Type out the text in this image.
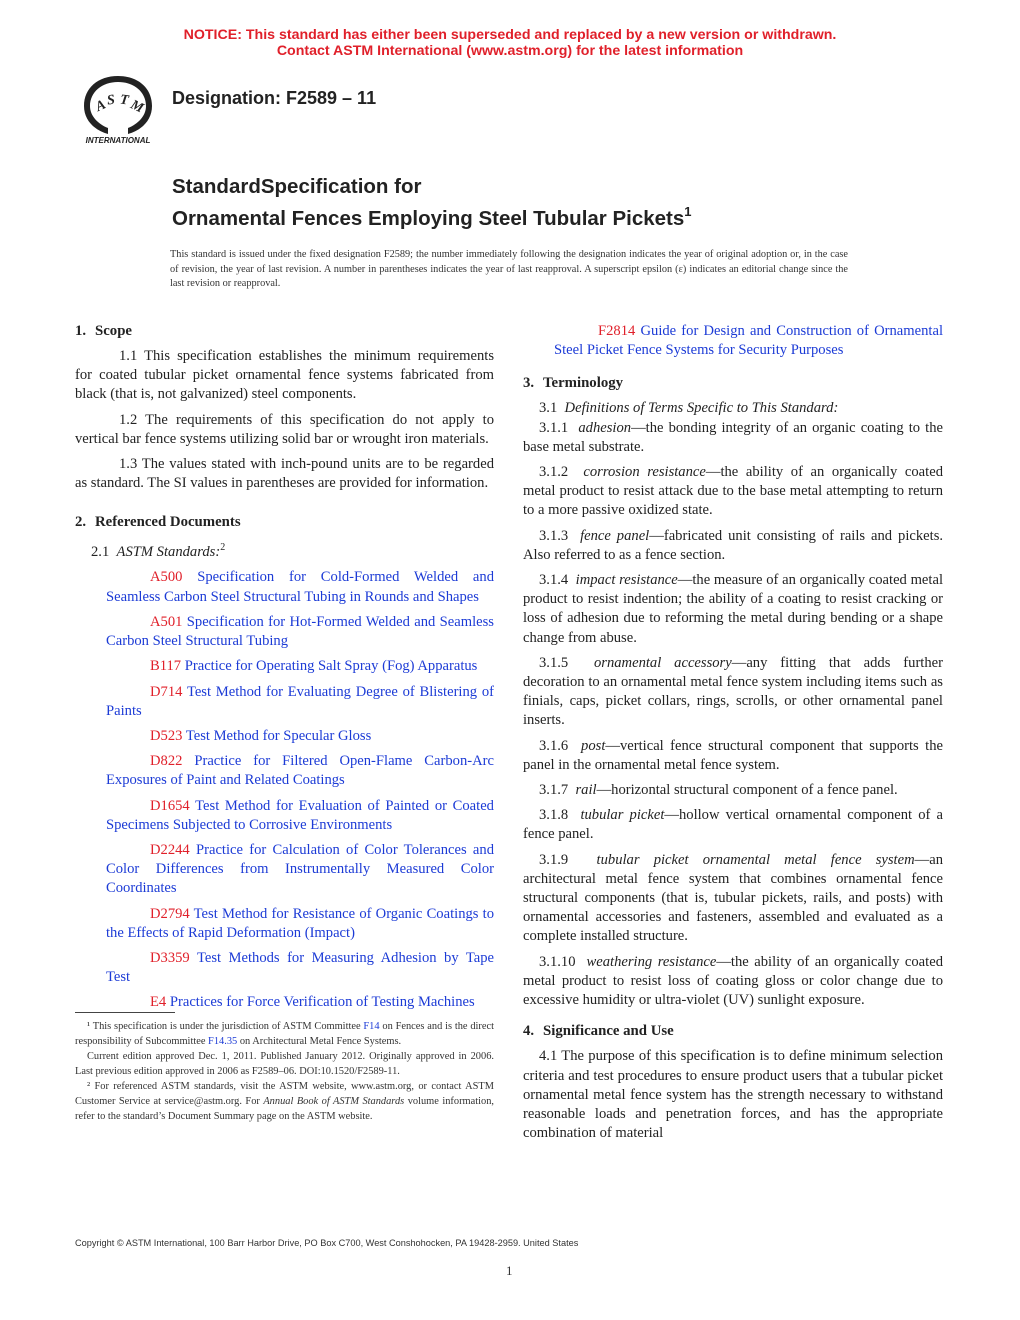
NOTICE: This standard has either been superseded and replaced by a new version or withdrawn.
Contact ASTM International (www.astm.org) for the latest information
A
S T
M
INTERNATIONAL
Designation: F2589 – 11
StandardSpecification for
Ornamental Fences Employing Steel Tubular Pickets$^1$
This standard is issued under the fixed designation F2589; the number immediately following the designation indicates the year of original adoption or, in the case of revision, the year of last revision. A number in parentheses indicates the year of last reapproval. A superscript epsilon (ε) indicates an editorial change since the last revision or reapproval.
1. Scope

1.1 This specification establishes the minimum requirements for coated tubular picket ornamental fence systems fabricated from black (that is, not galvanized) steel components.

1.2 The requirements of this specification do not apply to vertical bar fence systems utilizing solid bar or wrought iron materials.

1.3 The values stated with inch-pound units are to be regarded as standard. The SI values in parentheses are provided for information.

2. Referenced Documents

2.1 ASTM Standards:$^2$

A500 Specification for Cold-Formed Welded and Seamless Carbon Steel Structural Tubing in Rounds and Shapes

A501 Specification for Hot-Formed Welded and Seamless Carbon Steel Structural Tubing

B117 Practice for Operating Salt Spray (Fog) Apparatus

D714 Test Method for Evaluating Degree of Blistering of Paints

D523 Test Method for Specular Gloss

D822 Practice for Filtered Open-Flame Carbon-Arc Exposures of Paint and Related Coatings

D1654 Test Method for Evaluation of Painted or Coated Specimens Subjected to Corrosive Environments

D2244 Practice for Calculation of Color Tolerances and Color Differences from Instrumentally Measured Color Coordinates

D2794 Test Method for Resistance of Organic Coatings to the Effects of Rapid Deformation (Impact)

D3359 Test Methods for Measuring Adhesion by Tape Test

E4 Practices for Force Verification of Testing Machines

¹ This specification is under the jurisdiction of ASTM Committee F14 on Fences and is the direct responsibility of Subcommittee F14.35 on Architectural Metal Fence Systems.

Current edition approved Dec. 1, 2011. Published January 2012. Originally approved in 2006. Last previous edition approved in 2006 as F2589–06. DOI:10.1520/F2589-11.

² For referenced ASTM standards, visit the ASTM website, www.astm.org, or contact ASTM Customer Service at service@astm.org. For Annual Book of ASTM Standards volume information, refer to the standard’s Document Summary page on the ASTM website.

F2814 Guide for Design and Construction of Ornamental Steel Picket Fence Systems for Security Purposes

3. Terminology

3.1 Definitions of Terms Specific to This Standard:

3.1.1 adhesion—the bonding integrity of an organic coating to the base metal substrate.

3.1.2 corrosion resistance—the ability of an organically coated metal product to resist attack due to the base metal attempting to return to a more passive oxidized state.

3.1.3 fence panel—fabricated unit consisting of rails and pickets. Also referred to as a fence section.

3.1.4 impact resistance—the measure of an organically coated metal product to resist indention; the ability of a coating to resist cracking or loss of adhesion due to reforming the metal during bending or a shape change from abuse.

3.1.5 ornamental accessory—any fitting that adds further decoration to an ornamental metal fence system including items such as finials, caps, picket collars, rings, scrolls, or other ornamental panel inserts.

3.1.6 post—vertical fence structural component that supports the panel in the ornamental metal fence system.

3.1.7 rail—horizontal structural component of a fence panel.

3.1.8 tubular picket—hollow vertical ornamental component of a fence panel.

3.1.9 tubular picket ornamental metal fence system—an architectural metal fence system that combines ornamental fence structural components (that is, tubular pickets, rails, and posts) with ornamental accessories and fasteners, assembled and evaluated as a complete installed structure.

3.1.10 weathering resistance—the ability of an organically coated metal product to resist loss of coating gloss or color change due to excessive humidity or ultra-violet (UV) sunlight exposure.

4. Significance and Use

4.1 The purpose of this specification is to define minimum selection criteria and test procedures to ensure product users that a tubular picket ornamental metal fence system has the strength necessary to withstand reasonable loads and penetration forces, and has the appropriate combination of material

Copyright © ASTM International, 100 Barr Harbor Drive, PO Box C700, West Conshohocken, PA 19428-2959. United States
1
